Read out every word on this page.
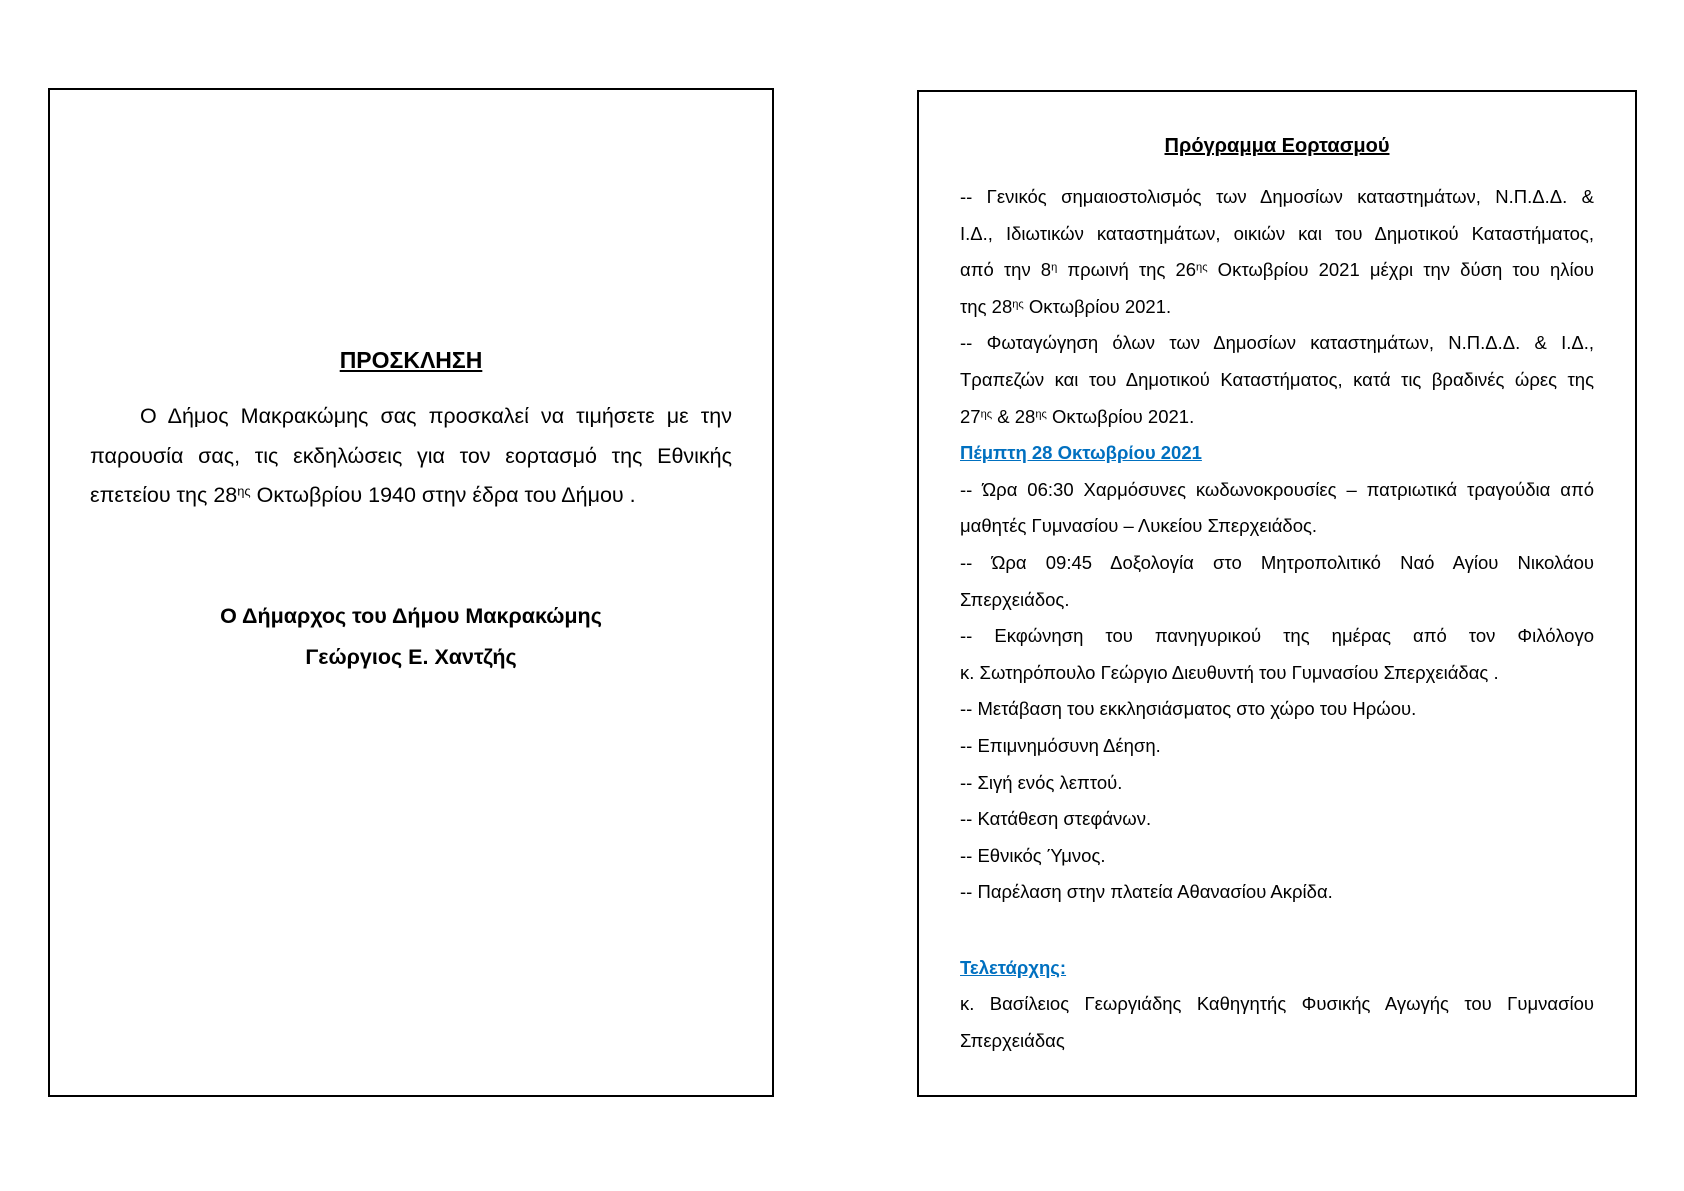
ΠΡΟΣΚΛΗΣΗ
Ο Δήμος Μακρακώμης σας προσκαλεί να τιμήσετε με την
παρουσία σας, τις εκδηλώσεις για τον εορτασμό της Εθνικής
επετείου της $28^{\eta\varsigma}$ Οκτωβρίου 1940 στην έδρα του Δήμου .
Ο Δήμαρχος του Δήμου Μακρακώμης
Γεώργιος Ε. Χαντζής
Πρόγραμμα Εορτασμού
-- Γενικός σημαιοστολισμός των Δημοσίων καταστημάτων, Ν.Π.Δ.Δ. &
Ι.Δ., Ιδιωτικών καταστημάτων, οικιών και του Δημοτικού Καταστήματος,
από την $8^\eta$ πρωινή της $26^{\eta\varsigma}$ Οκτωβρίου 2021 μέχρι την δύση του ηλίου
της $28^{\eta\varsigma}$ Οκτωβρίου 2021.
-- Φωταγώγηση όλων των Δημοσίων καταστημάτων, Ν.Π.Δ.Δ. & Ι.Δ.,
Τραπεζών και του Δημοτικού Καταστήματος, κατά τις βραδινές ώρες της
$27^{\eta\varsigma}$ & $28^{\eta\varsigma}$ Οκτωβρίου 2021.
Πέμπτη 28 Οκτωβρίου 2021
-- Ώρα 06:30 Χαρμόσυνες κωδωνοκρουσίες – πατριωτικά τραγούδια από
μαθητές Γυμνασίου – Λυκείου Σπερχειάδος.
-- Ώρα 09:45 Δοξολογία στο Μητροπολιτικό Ναό Αγίου Νικολάου
Σπερχειάδος.
-- Εκφώνηση του πανηγυρικού της ημέρας από τον Φιλόλογο
κ. Σωτηρόπουλο Γεώργιο Διευθυντή του Γυμνασίου Σπερχειάδας .
-- Μετάβαση του εκκλησιάσματος στο χώρο του Ηρώου.
-- Επιμνημόσυνη Δέηση.
-- Σιγή ενός λεπτού.
-- Κατάθεση στεφάνων.
-- Εθνικός Ύμνος.
-- Παρέλαση στην πλατεία Αθανασίου Ακρίδα.
Τελετάρχης:
κ. Βασίλειος Γεωργιάδης Καθηγητής Φυσικής Αγωγής του Γυμνασίου
Σπερχειάδας
